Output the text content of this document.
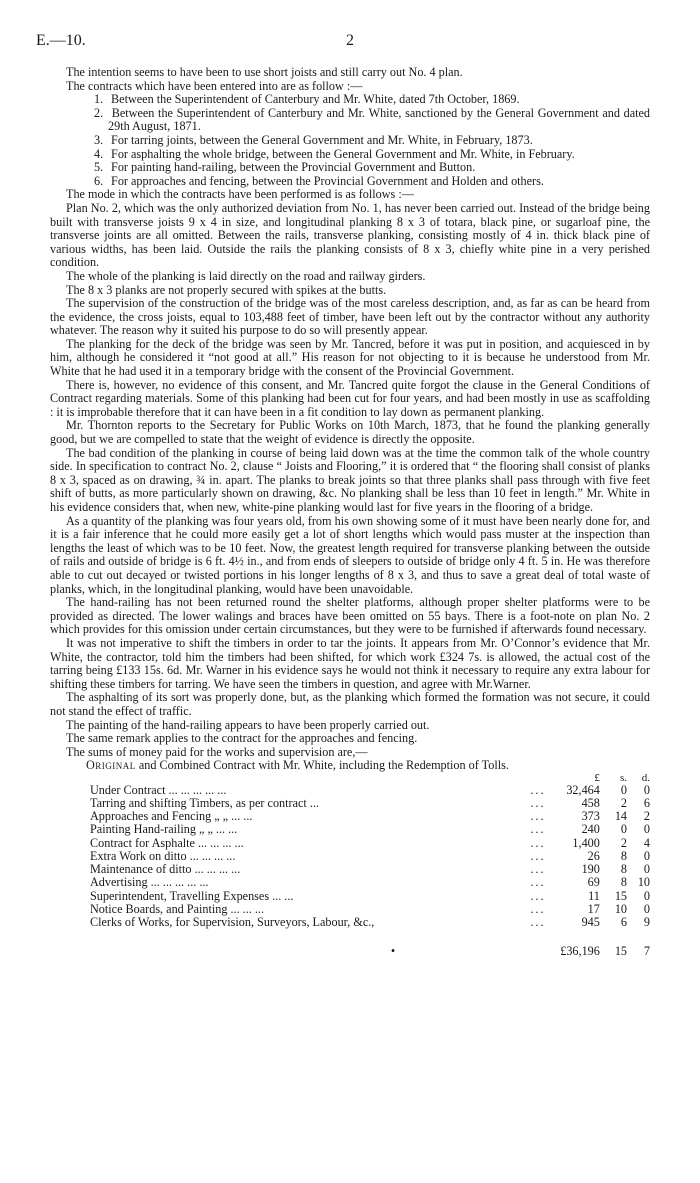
E.—10.	2

The intention seems to have been to use short joists and still carry out No. 4 plan.

The contracts which have been entered into are as follow :—

1. Between the Superintendent of Canterbury and Mr. White, dated 7th October, 1869.

2. Between the Superintendent of Canterbury and Mr. White, sanctioned by the General Government and dated 29th August, 1871.

3. For tarring joints, between the General Government and Mr. White, in February, 1873.

4. For asphalting the whole bridge, between the General Government and Mr. White, in February.

5. For painting hand-railing, between the Provincial Government and Button.

6. For approaches and fencing, between the Provincial Government and Holden and others.

The mode in which the contracts have been performed is as follows :—

Plan No. 2, which was the only authorized deviation from No. 1, has never been carried out. Instead of the bridge being built with transverse joists 9 x 4 in size, and longitudinal planking 8 x 3 of totara, black pine, or sugarloaf pine, the transverse joints are all omitted. Between the rails, transverse planking, consisting mostly of 4 in. thick black pine of various widths, has been laid. Outside the rails the planking consists of 8 x 3, chiefly white pine in a very perished condition.

The whole of the planking is laid directly on the road and railway girders.

The 8 x 3 planks are not properly secured with spikes at the butts.

The supervision of the construction of the bridge was of the most careless description, and, as far as can be heard from the evidence, the cross joists, equal to 103,488 feet of timber, have been left out by the contractor without any authority whatever. The reason why it suited his purpose to do so will presently appear.

The planking for the deck of the bridge was seen by Mr. Tancred, before it was put in position, and acquiesced in by him, although he considered it “not good at all.” His reason for not objecting to it is because he understood from Mr. White that he had used it in a temporary bridge with the consent of the Provincial Government.

There is, however, no evidence of this consent, and Mr. Tancred quite forgot the clause in the General Conditions of Contract regarding materials. Some of this planking had been cut for four years, and had been mostly in use as scaffolding : it is improbable therefore that it can have been in a fit condition to lay down as permanent planking.

Mr. Thornton reports to the Secretary for Public Works on 10th March, 1873, that he found the planking generally good, but we are compelled to state that the weight of evidence is directly the opposite.

The bad condition of the planking in course of being laid down was at the time the common talk of the whole country side. In specification to contract No. 2, clause “ Joists and Flooring,” it is ordered that “ the flooring shall consist of planks 8 x 3, spaced as on drawing, ¾ in. apart. The planks to break joints so that three planks shall pass through with five feet shift of butts, as more particularly shown on drawing, &c. No planking shall be less than 10 feet in length.” Mr. White in his evidence considers that, when new, white-pine planking would last for five years in the flooring of a bridge.

As a quantity of the planking was four years old, from his own showing some of it must have been nearly done for, and it is a fair inference that he could more easily get a lot of short lengths which would pass muster at the inspection than lengths the least of which was to be 10 feet. Now, the greatest length required for transverse planking between the outside of rails and outside of bridge is 6 ft. 4½ in., and from ends of sleepers to outside of bridge only 4 ft. 5 in. He was therefore able to cut out decayed or twisted portions in his longer lengths of 8 x 3, and thus to save a great deal of total waste of planks, which, in the longitudinal planking, would have been unavoidable.

The hand-railing has not been returned round the shelter platforms, although proper shelter platforms were to be provided as directed. The lower walings and braces have been omitted on 55 bays. There is a foot-note on plan No. 2 which provides for this omission under certain circumstances, but they were to be furnished if afterwards found necessary.

It was not imperative to shift the timbers in order to tar the joints. It appears from Mr. O’Connor’s evidence that Mr. White, the contractor, told him the timbers had been shifted, for which work £324 7s. is allowed, the actual cost of the tarring being £133 15s. 6d. Mr. Warner in his evidence says he would not think it necessary to require any extra labour for shifting these timbers for tarring. We have seen the timbers in question, and agree with Mr.Warner.

The asphalting of its sort was properly done, but, as the planking which formed the formation was not secure, it could not stand the effect of traffic.

The painting of the hand-railing appears to have been properly carried out.

The same remark applies to the contract for the approaches and fencing.

The sums of money paid for the works and supervision are,—

Original and Combined Contract with Mr. White, including the Redemption of Tolls.

		£	s.	d.
Under Contract ... ... ... ... ...	...	32,464	0	0
Tarring and shifting Timbers, as per contract ...	...	458	2	6
Approaches and Fencing „ „ ... ...	...	373	14	2
Painting Hand-railing „ „ ... ...	...	240	0	0
Contract for Asphalte ... ... ... ...	...	1,400	2	4
Extra Work on ditto ... ... ... ...	...	26	8	0
Maintenance of ditto ... ... ... ...	...	190	8	0
Advertising ... ... ... ... ...	...	69	8	10
Superintendent, Travelling Expenses ... ...	...	11	15	0
Notice Boards, and Painting ... ... ...	...	17	10	0
Clerks of Works, for Supervision, Surveyors, Labour, &c.,	...	945	6	9
•		£36,196	15	7
